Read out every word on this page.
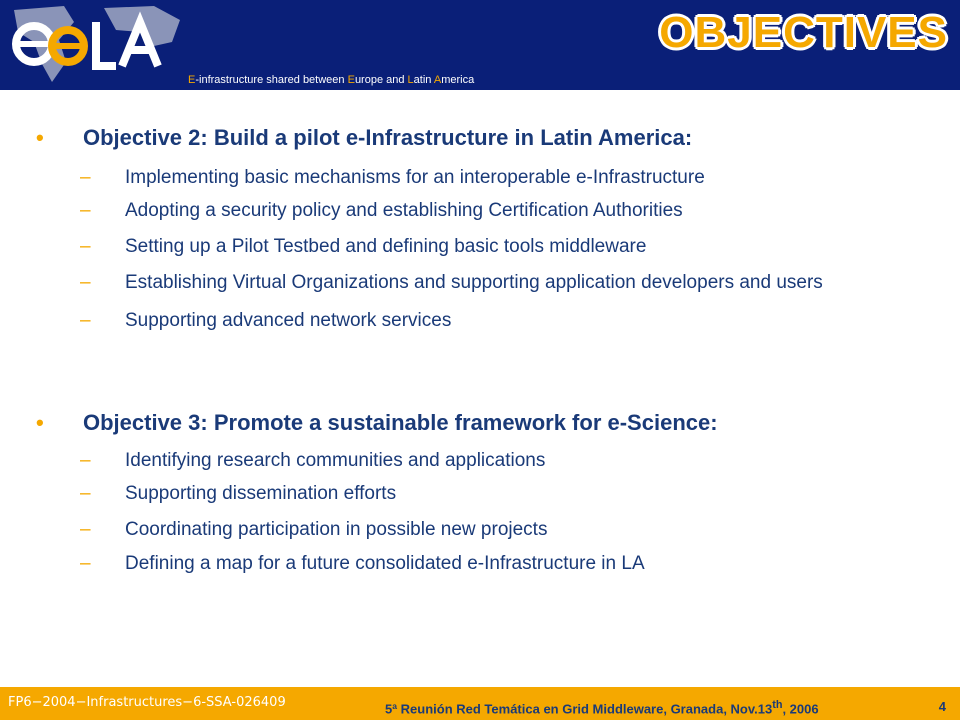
E-infrastructure shared between Europe and Latin America
OBJECTIVES
• Objective 2: Build a pilot e-Infrastructure in Latin America:
– Implementing basic mechanisms for an interoperable e-Infrastructure
– Adopting a security policy and establishing Certification Authorities
– Setting up a Pilot Testbed and defining basic tools middleware
– Establishing Virtual Organizations and supporting application developers and users
– Supporting advanced network services
• Objective 3: Promote a sustainable framework for e-Science:
– Identifying research communities and applications
– Supporting dissemination efforts
– Coordinating participation in possible new projects
– Defining a map for a future consolidated e-Infrastructure in LA
FP6−2004−Infrastructures−6-SSA-026409	5ª Reunión Red Temática en Grid Middleware, Granada, Nov.13th, 2006	4
